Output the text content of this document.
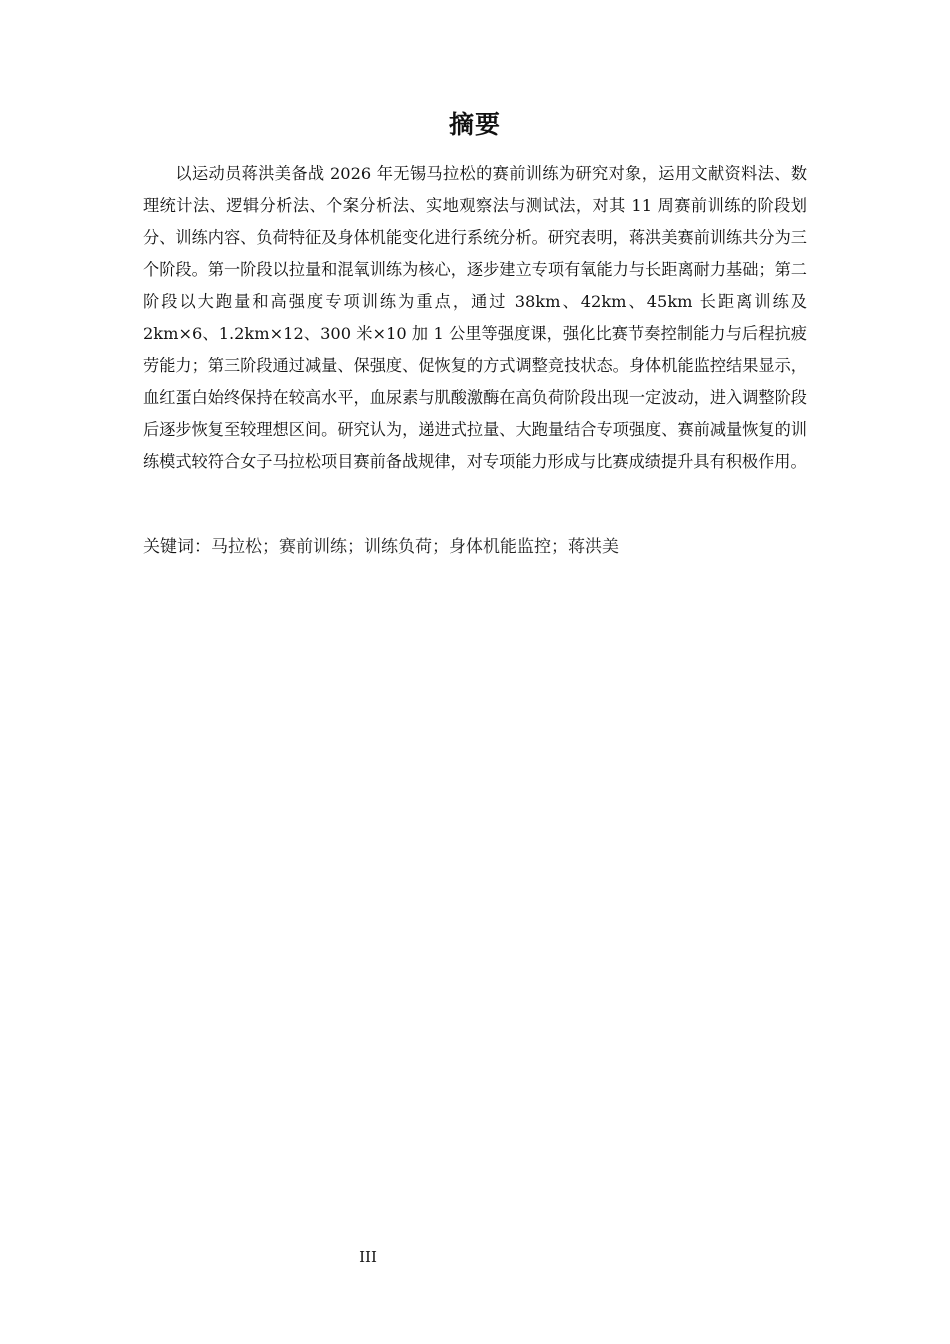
摘要

以运动员蒋洪美备战 2026 年无锡马拉松的赛前训练为研究对象，运用文献资料法、数理统计法、逻辑分析法、个案分析法、实地观察法与测试法，对其 11 周赛前训练的阶段划分、训练内容、负荷特征及身体机能变化进行系统分析。研究表明，蒋洪美赛前训练共分为三个阶段。第一阶段以拉量和混氧训练为核心，逐步建立专项有氧能力与长距离耐力基础；第二阶段以大跑量和高强度专项训练为重点，通过 38km、42km、45km 长距离训练及 2km×6、1.2km×12、300 米×10 加 1 公里等强度课，强化比赛节奏控制能力与后程抗疲劳能力；第三阶段通过减量、保强度、促恢复的方式调整竞技状态。身体机能监控结果显示，血红蛋白始终保持在较高水平，血尿素与肌酸激酶在高负荷阶段出现一定波动，进入调整阶段后逐步恢复至较理想区间。研究认为，递进式拉量、大跑量结合专项强度、赛前减量恢复的训练模式较符合女子马拉松项目赛前备战规律，对专项能力形成与比赛成绩提升具有积极作用。

关键词：马拉松；赛前训练；训练负荷；身体机能监控；蒋洪美

III
